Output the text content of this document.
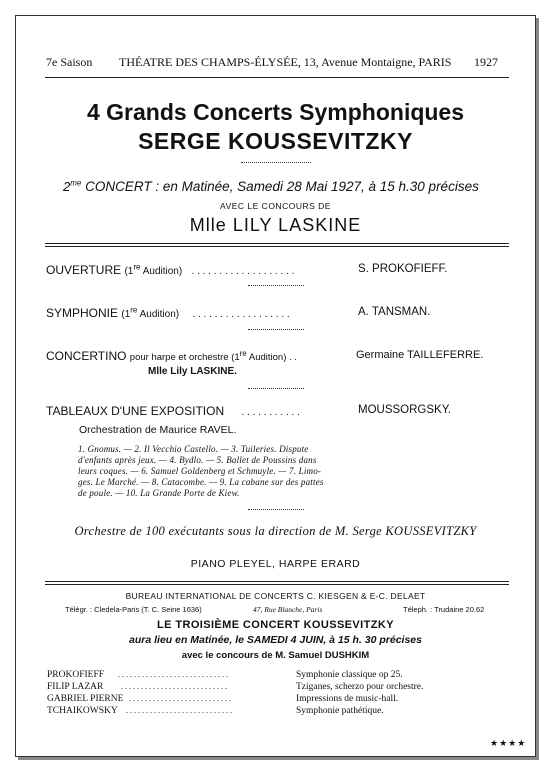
7e Saison THÉATRE DES CHAMPS-ÉLYSÉE, 13, Avenue Montaigne, PARIS 1927
4 Grands Concerts Symphoniques
SERGE KOUSSEVITZKY
$2^{me}$ CONCERT : en Matinée, Samedi 28 Mai 1927, à 15 h.30 précises
AVEC LE CONCOURS DE
Mlle LILY LASKINE
OUVERTURE (1re Audition) . . . . . . . . . . . . . . . . . . .	S. PROKOFIEFF.
SYMPHONIE (1re Audition) . . . . . . . . . . . . . . . . . .	A. TANSMAN.
CONCERTINO pour harpe et orchestre (1re Audition) . .	Germaine TAILLEFERRE.
Mlle Lily LASKINE.
TABLEAUX D'UNE EXPOSITION . . . . . . . . . . .	MOUSSORGSKY.
Orchestration de Maurice RAVEL.
1. Gnomus. — 2. Il Vecchio Castello. — 3. Tuileries. Dispute
d'enfants après jeux. — 4. Bydlo. — 5. Ballet de Poussins dans
leurs coques. — 6. Samuel Goldenberg et Schmuyle. — 7. Limo-
ges. Le Marché. — 8. Catacombe. — 9. La cabane sur des pattes
de poule. — 10. La Grande Porte de Kiew.
Orchestre de 100 exécutants sous la direction de M. Serge KOUSSEVITZKY
PIANO PLEYEL, HARPE ERARD
BUREAU INTERNATIONAL DE CONCERTS C. KIESGEN & E-C. DELAET
Télégr. : Cledela-Paris (T. C. Seine 1636)	47, Rue Blanche, Paris	Téleph. : Trudaine 20.62
LE TROISIÈME CONCERT KOUSSEVITZKY
aura lieu en Matinée, le SAMEDI 4 JUIN, à 15 h. 30 précises
avec le concours de M. Samuel DUSHKIM
PROKOFIEFF . . . . . . . . . . . . . . . . . . . . . . . . . . . .	Symphonie classique op 25.
FILIP LAZAR . . . . . . . . . . . . . . . . . . . . . . . . . . .	Tziganes, scherzo pour orchestre.
GABRIEL PIERNE . . . . . . . . . . . . . . . . . . . . . . . . . .	Impressions de music-hall.
TCHAIKOWSKY . . . . . . . . . . . . . . . . . . . . . . . . . . .	Symphonie pathétique.
★★★★
